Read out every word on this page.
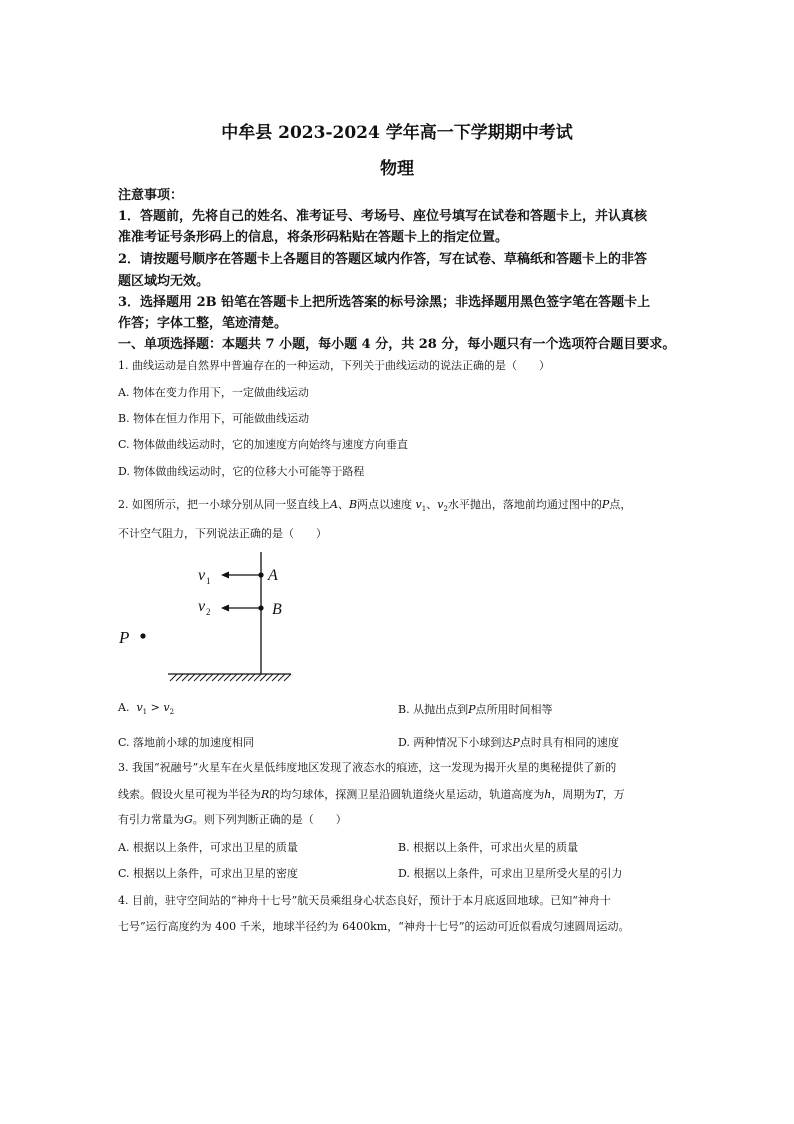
中牟县 2023-2024 学年高一下学期期中考试
物理
注意事项：
1．答题前，先将自己的姓名、准考证号、考场号、座位号填写在试卷和答题卡上，并认真核
准准考证号条形码上的信息，将条形码粘贴在答题卡上的指定位置。
2．请按题号顺序在答题卡上各题目的答题区域内作答，写在试卷、草稿纸和答题卡上的非答
题区域均无效。
3．选择题用 2B 铅笔在答题卡上把所选答案的标号涂黑；非选择题用黑色签字笔在答题卡上
作答；字体工整，笔迹清楚。
一、单项选择题：本题共 7 小题，每小题 4 分，共 28 分，每小题只有一个选项符合题目要求。
1. 曲线运动是自然界中普遍存在的一种运动，下列关于曲线运动的说法正确的是（　　）
A. 物体在变力作用下，一定做曲线运动
B. 物体在恒力作用下，可能做曲线运动
C. 物体做曲线运动时，它的加速度方向始终与速度方向垂直
D. 物体做曲线运动时，它的位移大小可能等于路程
2. 如图所示，把一小球分别从同一竖直线上A、B两点以速度 $v_1$、$v_2$水平抛出，落地前均通过图中的P点，
不计空气阻力，下列说法正确的是（　　）
v 1
v 2
A
B
P
A. $v_1 > v_2$	B. 从抛出点到P点所用时间相等
C. 落地前小球的加速度相同	D. 两种情况下小球到达P点时具有相同的速度
3. 我国“祝融号”火星车在火星低纬度地区发现了液态水的痕迹，这一发现为揭开火星的奥秘提供了新的
线索。假设火星可视为半径为R的均匀球体，探测卫星沿圆轨道绕火星运动，轨道高度为h，周期为T，万
有引力常量为G。则下列判断正确的是（　　）
A. 根据以上条件，可求出卫星的质量	B. 根据以上条件，可求出火星的质量
C. 根据以上条件，可求出卫星的密度	D. 根据以上条件，可求出卫星所受火星的引力
4. 目前，驻守空间站的“神舟十七号”航天员乘组身心状态良好，预计于本月底返回地球。已知“神舟十
七号”运行高度约为 400 千米，地球半径约为 6400km，“神舟十七号”的运动可近似看成匀速圆周运动。
